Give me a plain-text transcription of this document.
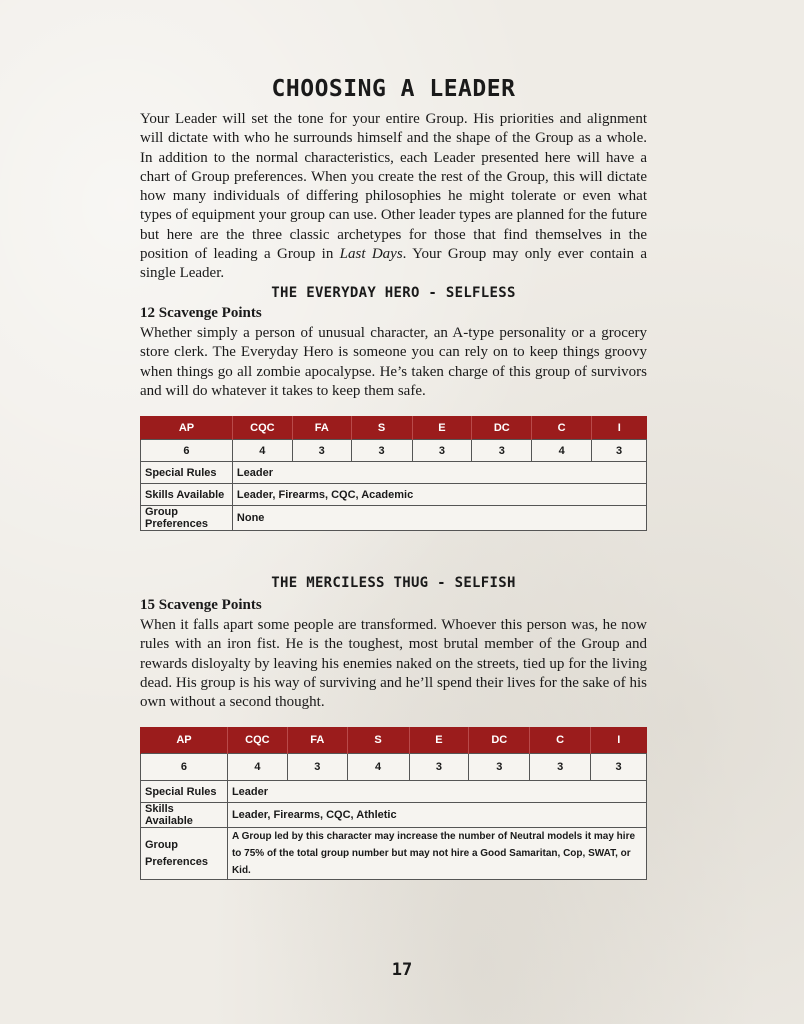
CHOOSING A LEADER

Your Leader will set the tone for your entire Group. His priorities and alignment will dictate with who he surrounds himself and the shape of the Group as a whole. In addition to the normal characteristics, each Leader presented here will have a chart of Group preferences. When you create the rest of the Group, this will dictate how many individuals of differing philosophies he might tolerate or even what types of equipment your group can use. Other leader types are planned for the future but here are the three classic archetypes for those that find themselves in the position of leading a Group in Last Days. Your Group may only ever contain a single Leader.

THE EVERYDAY HERO - SELFLESS

12 Scavenge Points

Whether simply a person of unusual character, an A-type personality or a grocery store clerk. The Everyday Hero is someone you can rely on to keep things groovy when things go all zombie apocalypse. He’s taken charge of this group of survivors and will do whatever it takes to keep them safe.

AP	CQC	FA	S	E	DC	C	I
6	4	3	3	3	3	4	3
Special Rules	Leader						
Skills Available	Leader, Firearms, CQC, Academic						
Group Preferences	None						
THE MERCILESS THUG - SELFISH

15 Scavenge Points

When it falls apart some people are transformed. Whoever this person was, he now rules with an iron fist. He is the toughest, most brutal member of the Group and rewards disloyalty by leaving his enemies naked on the streets, tied up for the living dead. His group is his way of surviving and he’ll spend their lives for the sake of his own without a second thought.

AP	CQC	FA	S	E	DC	C	I
6	4	3	4	3	3	3	3
Special Rules	Leader						
Skills Available	Leader, Firearms, CQC, Athletic						
Group
Preferences	A Group led by this character may increase the number of Neutral models it may hire to 75% of the total group number but may not hire a Good Samaritan, Cop, SWAT, or Kid.						

17
